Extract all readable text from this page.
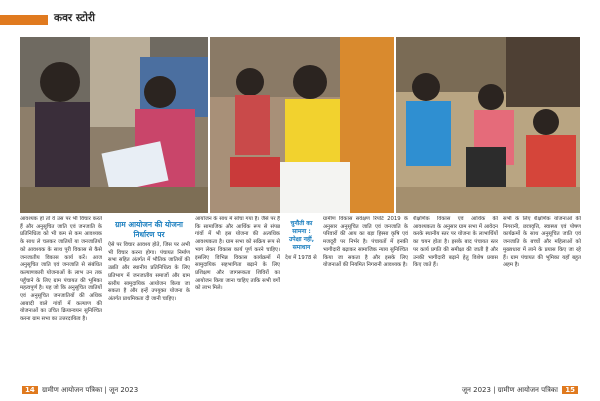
कवर स्टोरी
आवश्यक हों तो वे उस पर भी विचार करते हैं और अनुसूचित जाति एवं जनजाति के प्रतिनिधित्व को भी कम से कम आवश्यक के साथ ले चलकर जातियों या जनजातियों को आवश्यक के साथ पूरी विकास से कैसे जनजातीय विकास कार्य करें। आज अनुसूचित जाति एवं जनजाति से संबंधित कल्याणकारी योजनाओं के लाभ उन तक पहुँचाने के लिए ग्राम पंचायत की भूमिका महत्वपूर्ण है। यह जो कि अनुसूचित जातियों एवं अनुसूचित जनजातियों की अधिक आबादी वाले गांवों में कल्याण की योजनाओं का उचित क्रियान्वयन सुनिश्चित करना ग्राम सभा का उत्तरदायित्व है।
ग्राम आयोजन की योजना निर्धारण पर
ऐसे पर विचार आवश्य होते, जिस पर अभी भी विचार करना होगा। पंचायत निर्माण सभा सहित अंतर्गत में भौतिक जातियों की उन्नति और स्थानीय प्रतिनिधित्व के लिए प्रतिभाग में जनजातीय समाजों और ग्राम स्तरीय सामुदायिक आयोजन किया जा सकता है और इन्हें उपयुक्त योजना के अंतर्गत प्राथमिकता दी जानी चाहिए।
आयोजन के साथ में सोचा गया है। जैसे पर है कि सामाजिक और आर्थिक रूप से संपन्न गांवों में भी इस योजना की अत्यधिक आवश्यकता है। ग्राम सभा को सक्रिय रूप से भाग लेकर विकास कार्य पूर्ण करने चाहिए। इसलिए विभिन्न विकास कार्यक्रमों में सामुदायिक सहभागिता बढ़ाने के लिए प्रशिक्षण और जागरूकता शिविरों का आयोजन किया जाना चाहिए ताकि सभी वर्गों को लाभ मिले।
चुनौती का सामना : उपेक्षा नहीं, समाधान
देश में 1978 से
ग्रामीण विकास सर्वेक्षण रिपोर्ट 2019 के अनुसार अनुसूचित जाति एवं जनजाति के परिवारों की आय का बड़ा हिस्सा कृषि एवं मजदूरी पर निर्भर है। पंचायतों में इनकी भागीदारी बढ़ाकर सामाजिक न्याय सुनिश्चित किया जा सकता है और इसके लिए योजनाओं की नियमित निगरानी आवश्यक है।
शैक्षणिक विकास एवं आर्थिक की आवश्यकता के अनुसार ग्राम सभा में आवेदन करके स्थानीय स्तर पर योजना के लाभार्थियों का चयन होता है। इसके बाद पंचायत स्तर पर कार्य प्रगति की समीक्षा की जाती है और उनकी भागीदारी बढ़ाने हेतु विशेष प्रयास किए जाते हैं।
सभी के लिए शैक्षणिक योजनाओं की निगरानी, छात्रवृत्ति, स्वास्थ्य एवं पोषण कार्यक्रमों के साथ अनुसूचित जाति एवं जनजाति के बच्चों और महिलाओं को मुख्यधारा में लाने के प्रयास किए जा रहे हैं। ग्राम पंचायत की भूमिका यहाँ बहुत अहम है।
14 ग्रामीण आयोजन पत्रिका | जून 2023	जून 2023 | ग्रामीण आयोजन पत्रिका 15
